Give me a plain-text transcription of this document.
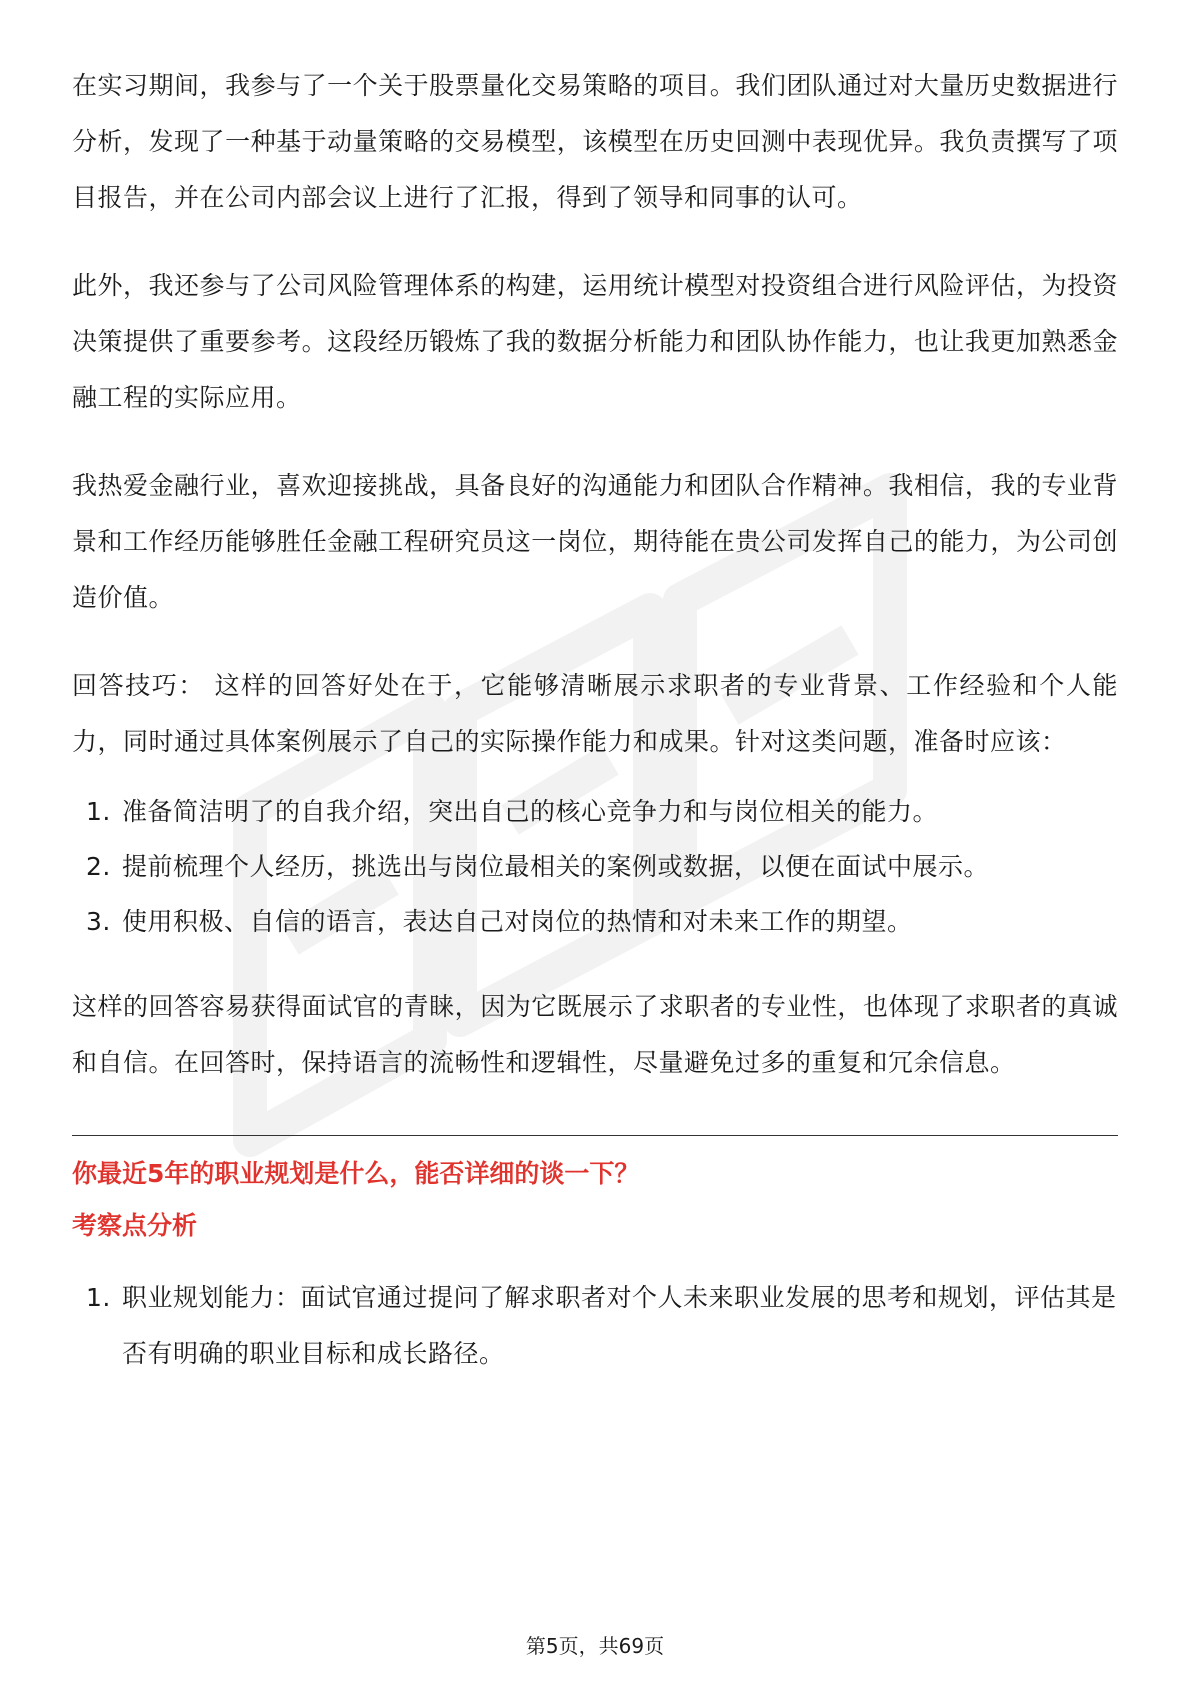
在实习期间，我参与了一个关于股票量化交易策略的项目。我们团队通过对大量历史数据进行分析，发现了一种基于动量策略的交易模型，该模型在历史回测中表现优异。我负责撰写了项目报告，并在公司内部会议上进行了汇报，得到了领导和同事的认可。

此外，我还参与了公司风险管理体系的构建，运用统计模型对投资组合进行风险评估，为投资决策提供了重要参考。这段经历锻炼了我的数据分析能力和团队协作能力，也让我更加熟悉金融工程的实际应用。

我热爱金融行业，喜欢迎接挑战，具备良好的沟通能力和团队合作精神。我相信，我的专业背景和工作经历能够胜任金融工程研究员这一岗位，期待能在贵公司发挥自己的能力，为公司创造价值。

回答技巧： 这样的回答好处在于，它能够清晰展示求职者的专业背景、工作经验和个人能力，同时通过具体案例展示了自己的实际操作能力和成果。针对这类问题，准备时应该：

1. 准备简洁明了的自我介绍，突出自己的核心竞争力和与岗位相关的能力。
2. 提前梳理个人经历，挑选出与岗位最相关的案例或数据，以便在面试中展示。
3. 使用积极、自信的语言，表达自己对岗位的热情和对未来工作的期望。

这样的回答容易获得面试官的青睐，因为它既展示了求职者的专业性，也体现了求职者的真诚和自信。在回答时，保持语言的流畅性和逻辑性，尽量避免过多的重复和冗余信息。

你最近5年的职业规划是什么，能否详细的谈一下？

考察点分析

1. 职业规划能力：面试官通过提问了解求职者对个人未来职业发展的思考和规划，评估其是否有明确的职业目标和成长路径。
第5页，共69页
